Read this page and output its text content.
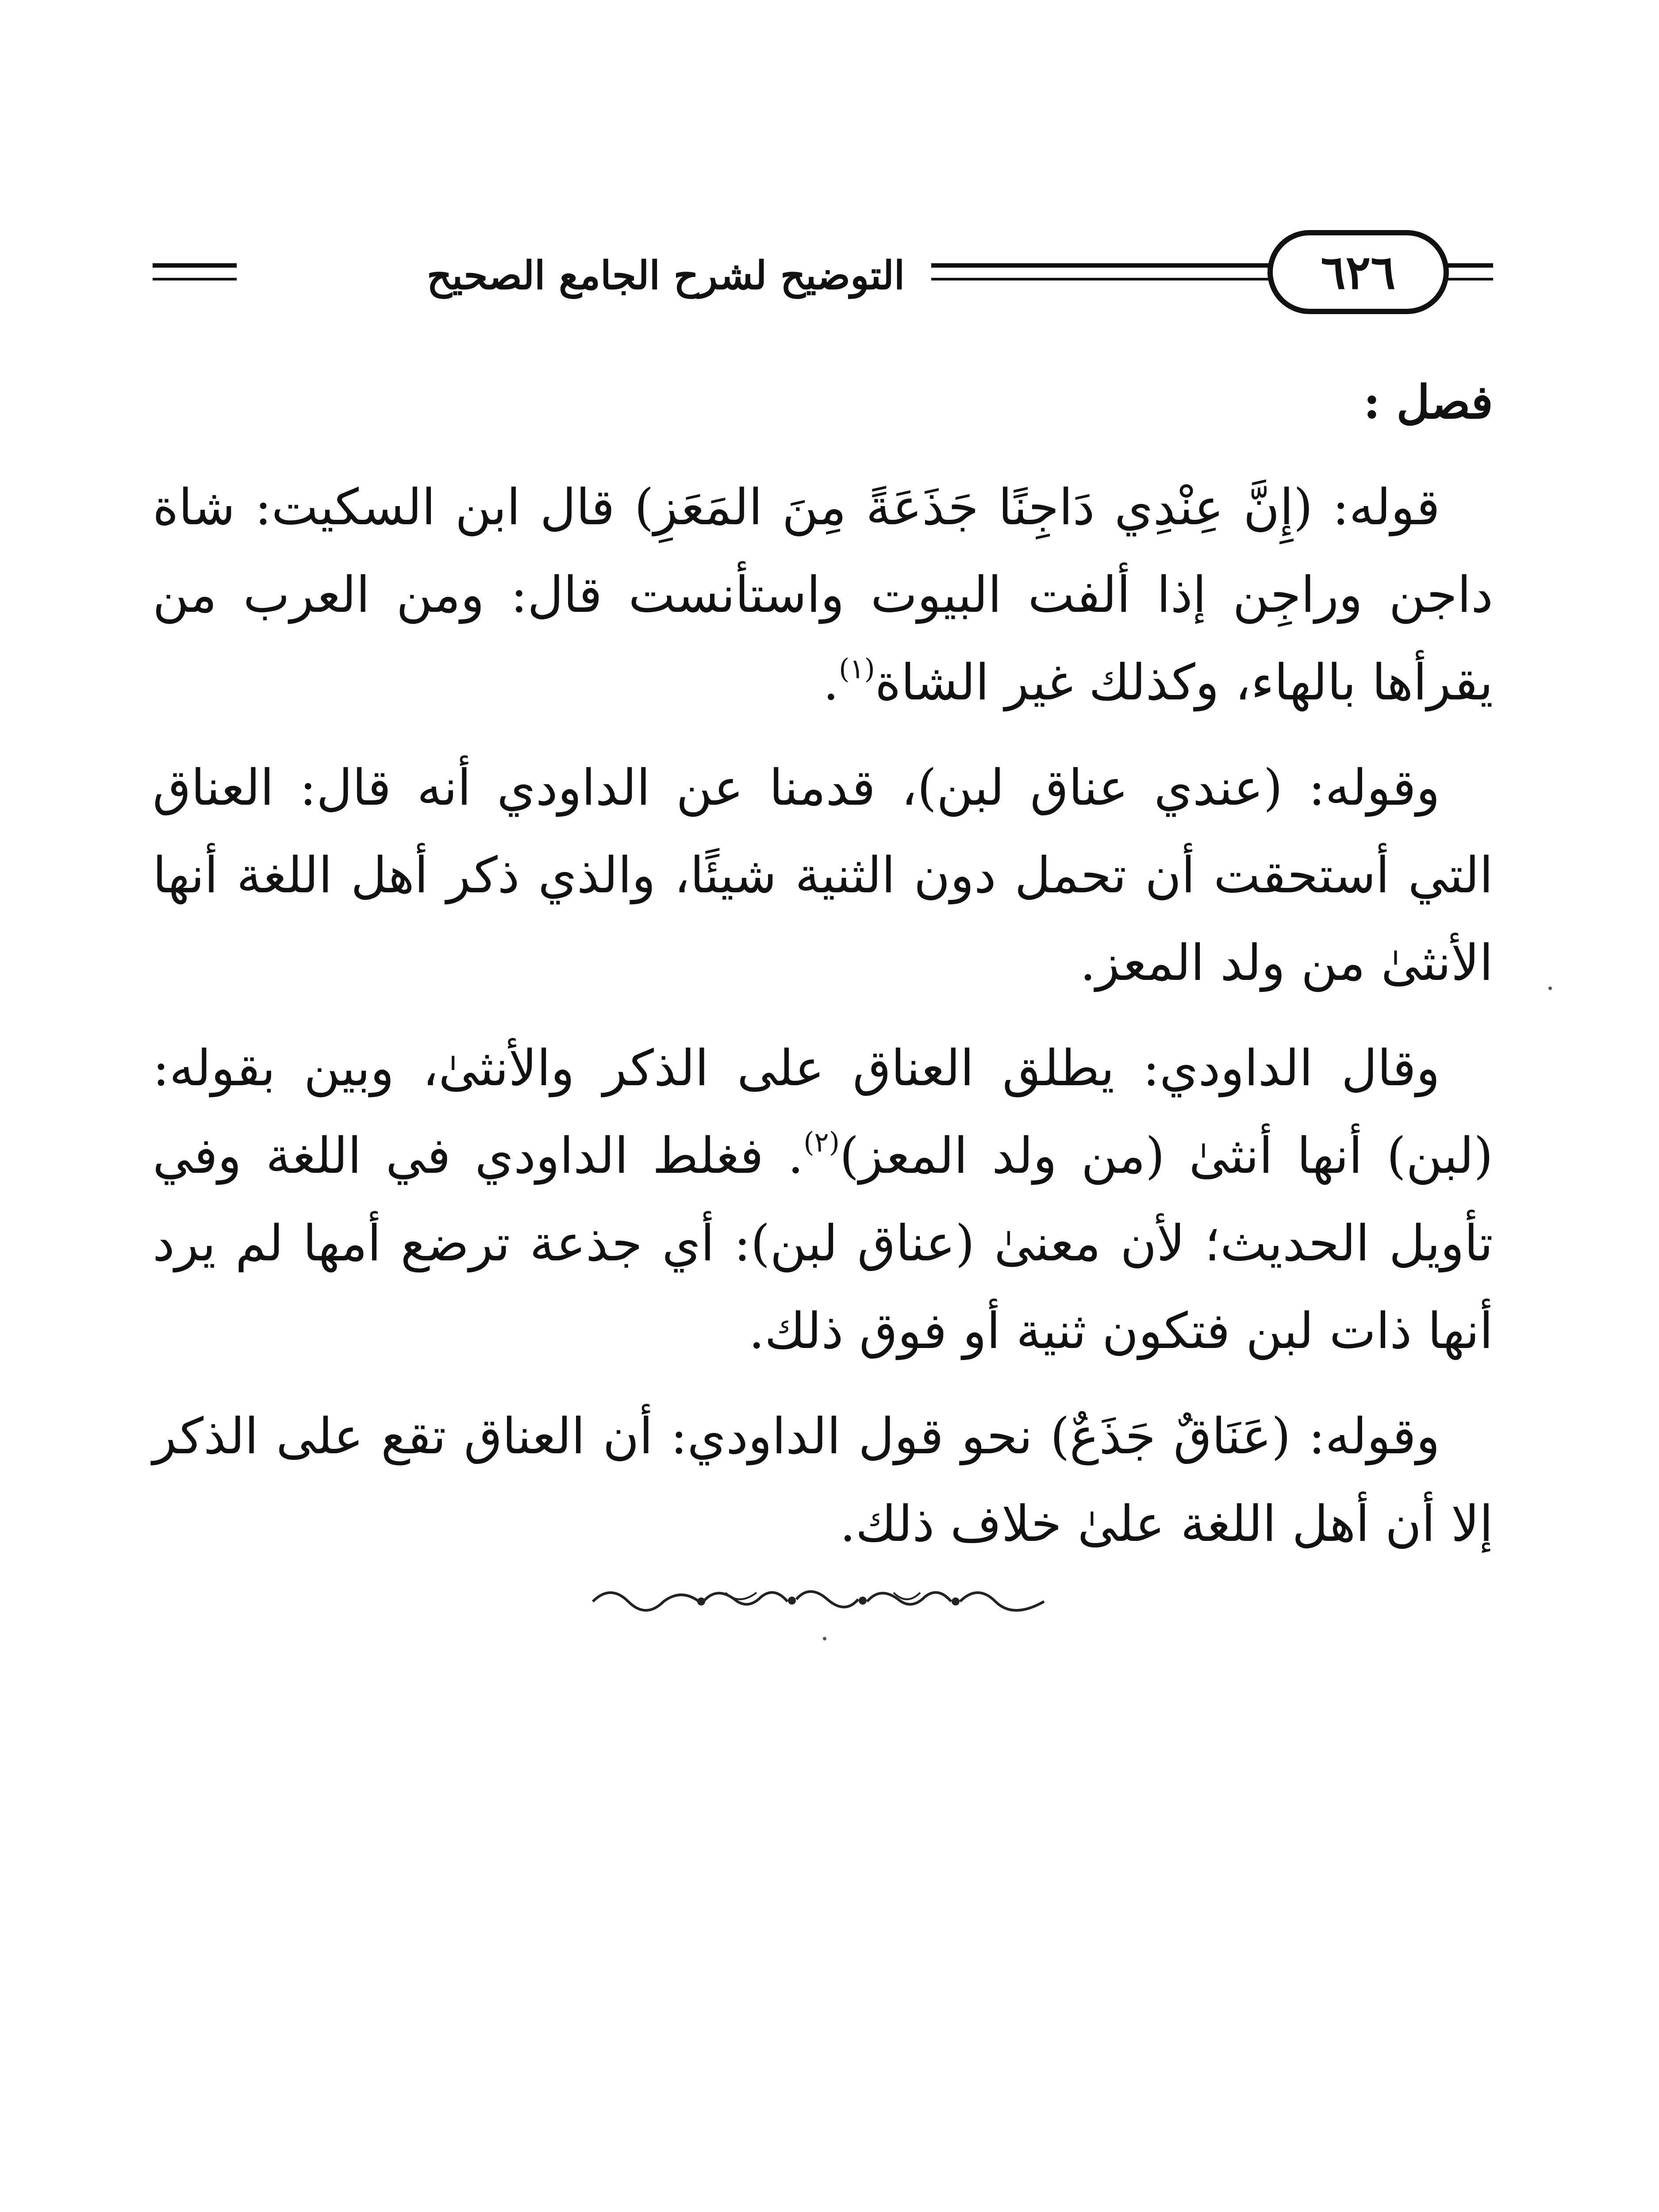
التوضيح لشرح الجامع الصحيح	٦٢٦
فصل :

قوله: (إِنَّ عِنْدِي دَاجِنًا جَذَعَةً مِنَ المَعَزِ) قال ابن السكيت: شاة داجن وراجِن إذا ألفت البيوت واستأنست قال: ومن العرب من يقرأها بالهاء، وكذلك غير الشاة$^{(١)}$.

وقوله: (عندي عناق لبن)، قدمنا عن الداودي أنه قال: العناق التي أستحقت أن تحمل دون الثنية شيئًا، والذي ذكر أهل اللغة أنها الأنثىٰ من ولد المعز.

وقال الداودي: يطلق العناق على الذكر والأنثىٰ، وبين بقوله: (لبن) أنها أنثىٰ (من ولد المعز)$^{(٢)}$. فغلط الداودي في اللغة وفي تأويل الحديث؛ لأن معنىٰ (عناق لبن): أي جذعة ترضع أمها لم يرد أنها ذات لبن فتكون ثنية أو فوق ذلك.

وقوله: (عَنَاقٌ جَذَعٌ) نحو قول الداودي: أن العناق تقع على الذكر إلا أن أهل اللغة علىٰ خلاف ذلك.
